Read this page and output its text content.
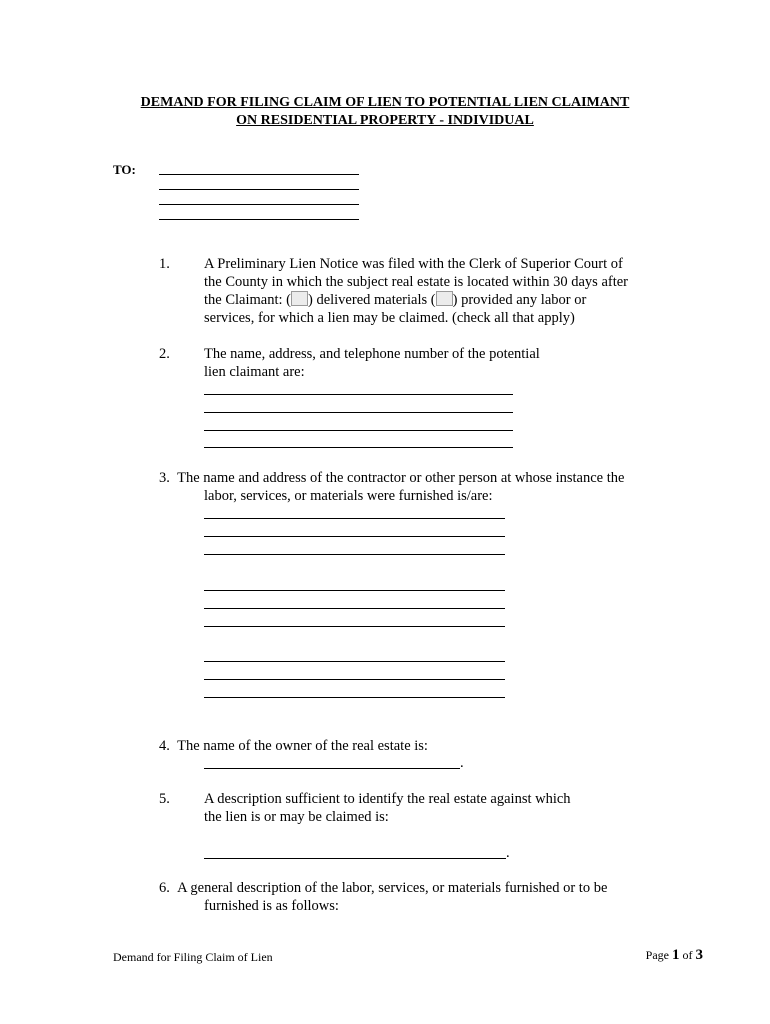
DEMAND FOR FILING CLAIM OF LIEN TO POTENTIAL LIEN CLAIMANT
ON RESIDENTIAL PROPERTY - INDIVIDUAL
TO:
1. A Preliminary Lien Notice was filed with the Clerk of Superior Court of
the County in which the subject real estate is located within 30 days after
the Claimant: ( ) delivered materials ( ) provided any labor or
services, for which a lien may be claimed. (check all that apply)
2. The name, address, and telephone number of the potential
lien claimant are:
3. The name and address of the contractor or other person at whose instance the
labor, services, or materials were furnished is/are:
4. The name of the owner of the real estate is:
.
5. A description sufficient to identify the real estate against which
the lien is or may be claimed is:
.
6. A general description of the labor, services, or materials furnished or to be
furnished is as follows:
Demand for Filing Claim of Lien	Page 1 of 3
